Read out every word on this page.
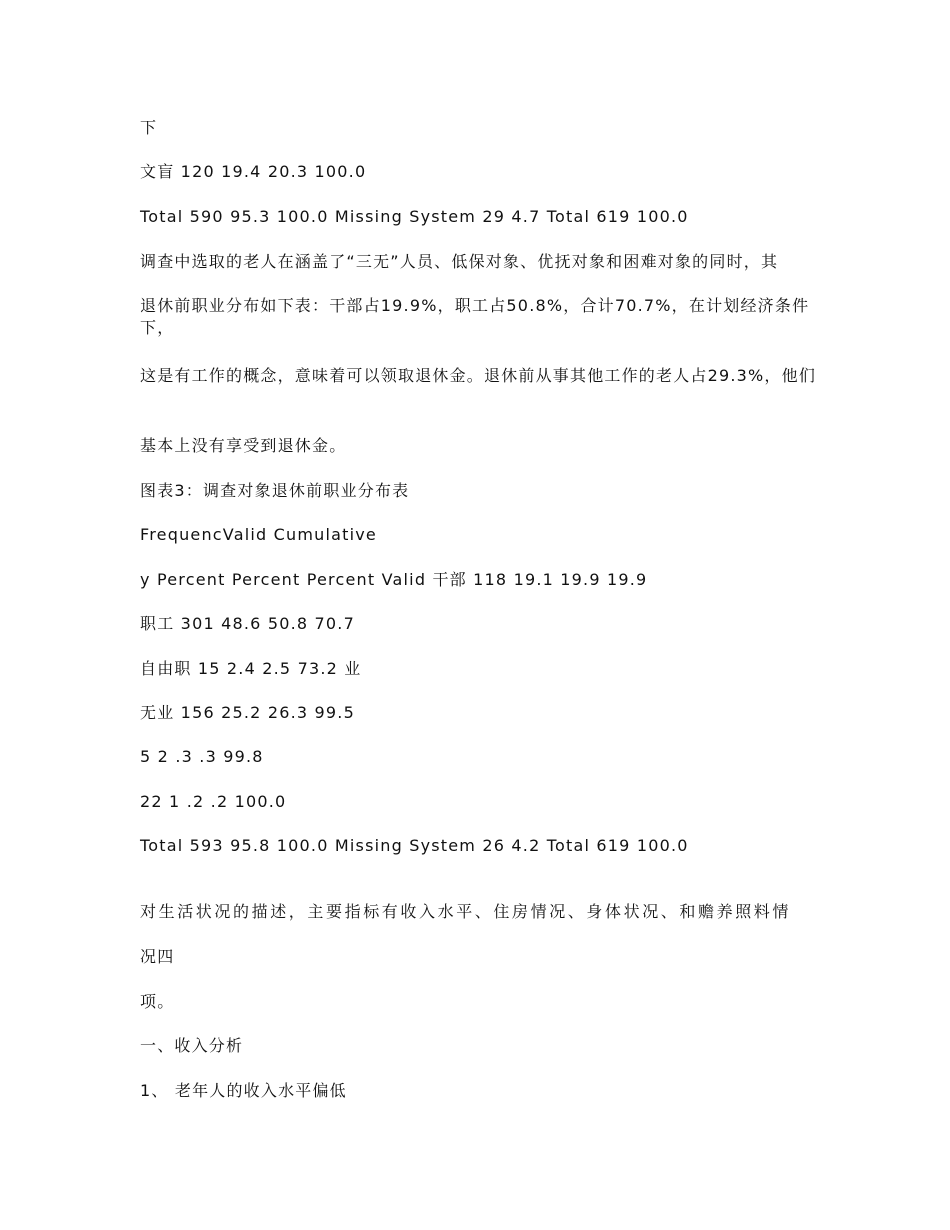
下
文盲 120 19.4 20.3 100.0
Total 590 95.3 100.0 Missing System 29 4.7 Total 619 100.0
调查中选取的老人在涵盖了“三无”人员、低保对象、优抚对象和困难对象的同时，其
退休前职业分布如下表：干部占19.9%，职工占50.8%，合计70.7%，在计划经济条件下，
这是有工作的概念，意味着可以领取退休金。退休前从事其他工作的老人占29.3%，他们
基本上没有享受到退休金。
图表3：调查对象退休前职业分布表
FrequencValid Cumulative
y Percent Percent Percent Valid 干部 118 19.1 19.9 19.9
职工 301 48.6 50.8 70.7
自由职 15 2.4 2.5 73.2 业
无业 156 25.2 26.3 99.5
5 2 .3 .3 99.8
22 1 .2 .2 100.0
Total 593 95.8 100.0 Missing System 26 4.2 Total 619 100.0
对生活状况的描述，主要指标有收入水平、住房情况、身体状况、和赡养照料情
况四
项。
一、收入分析
1、 老年人的收入水平偏低
